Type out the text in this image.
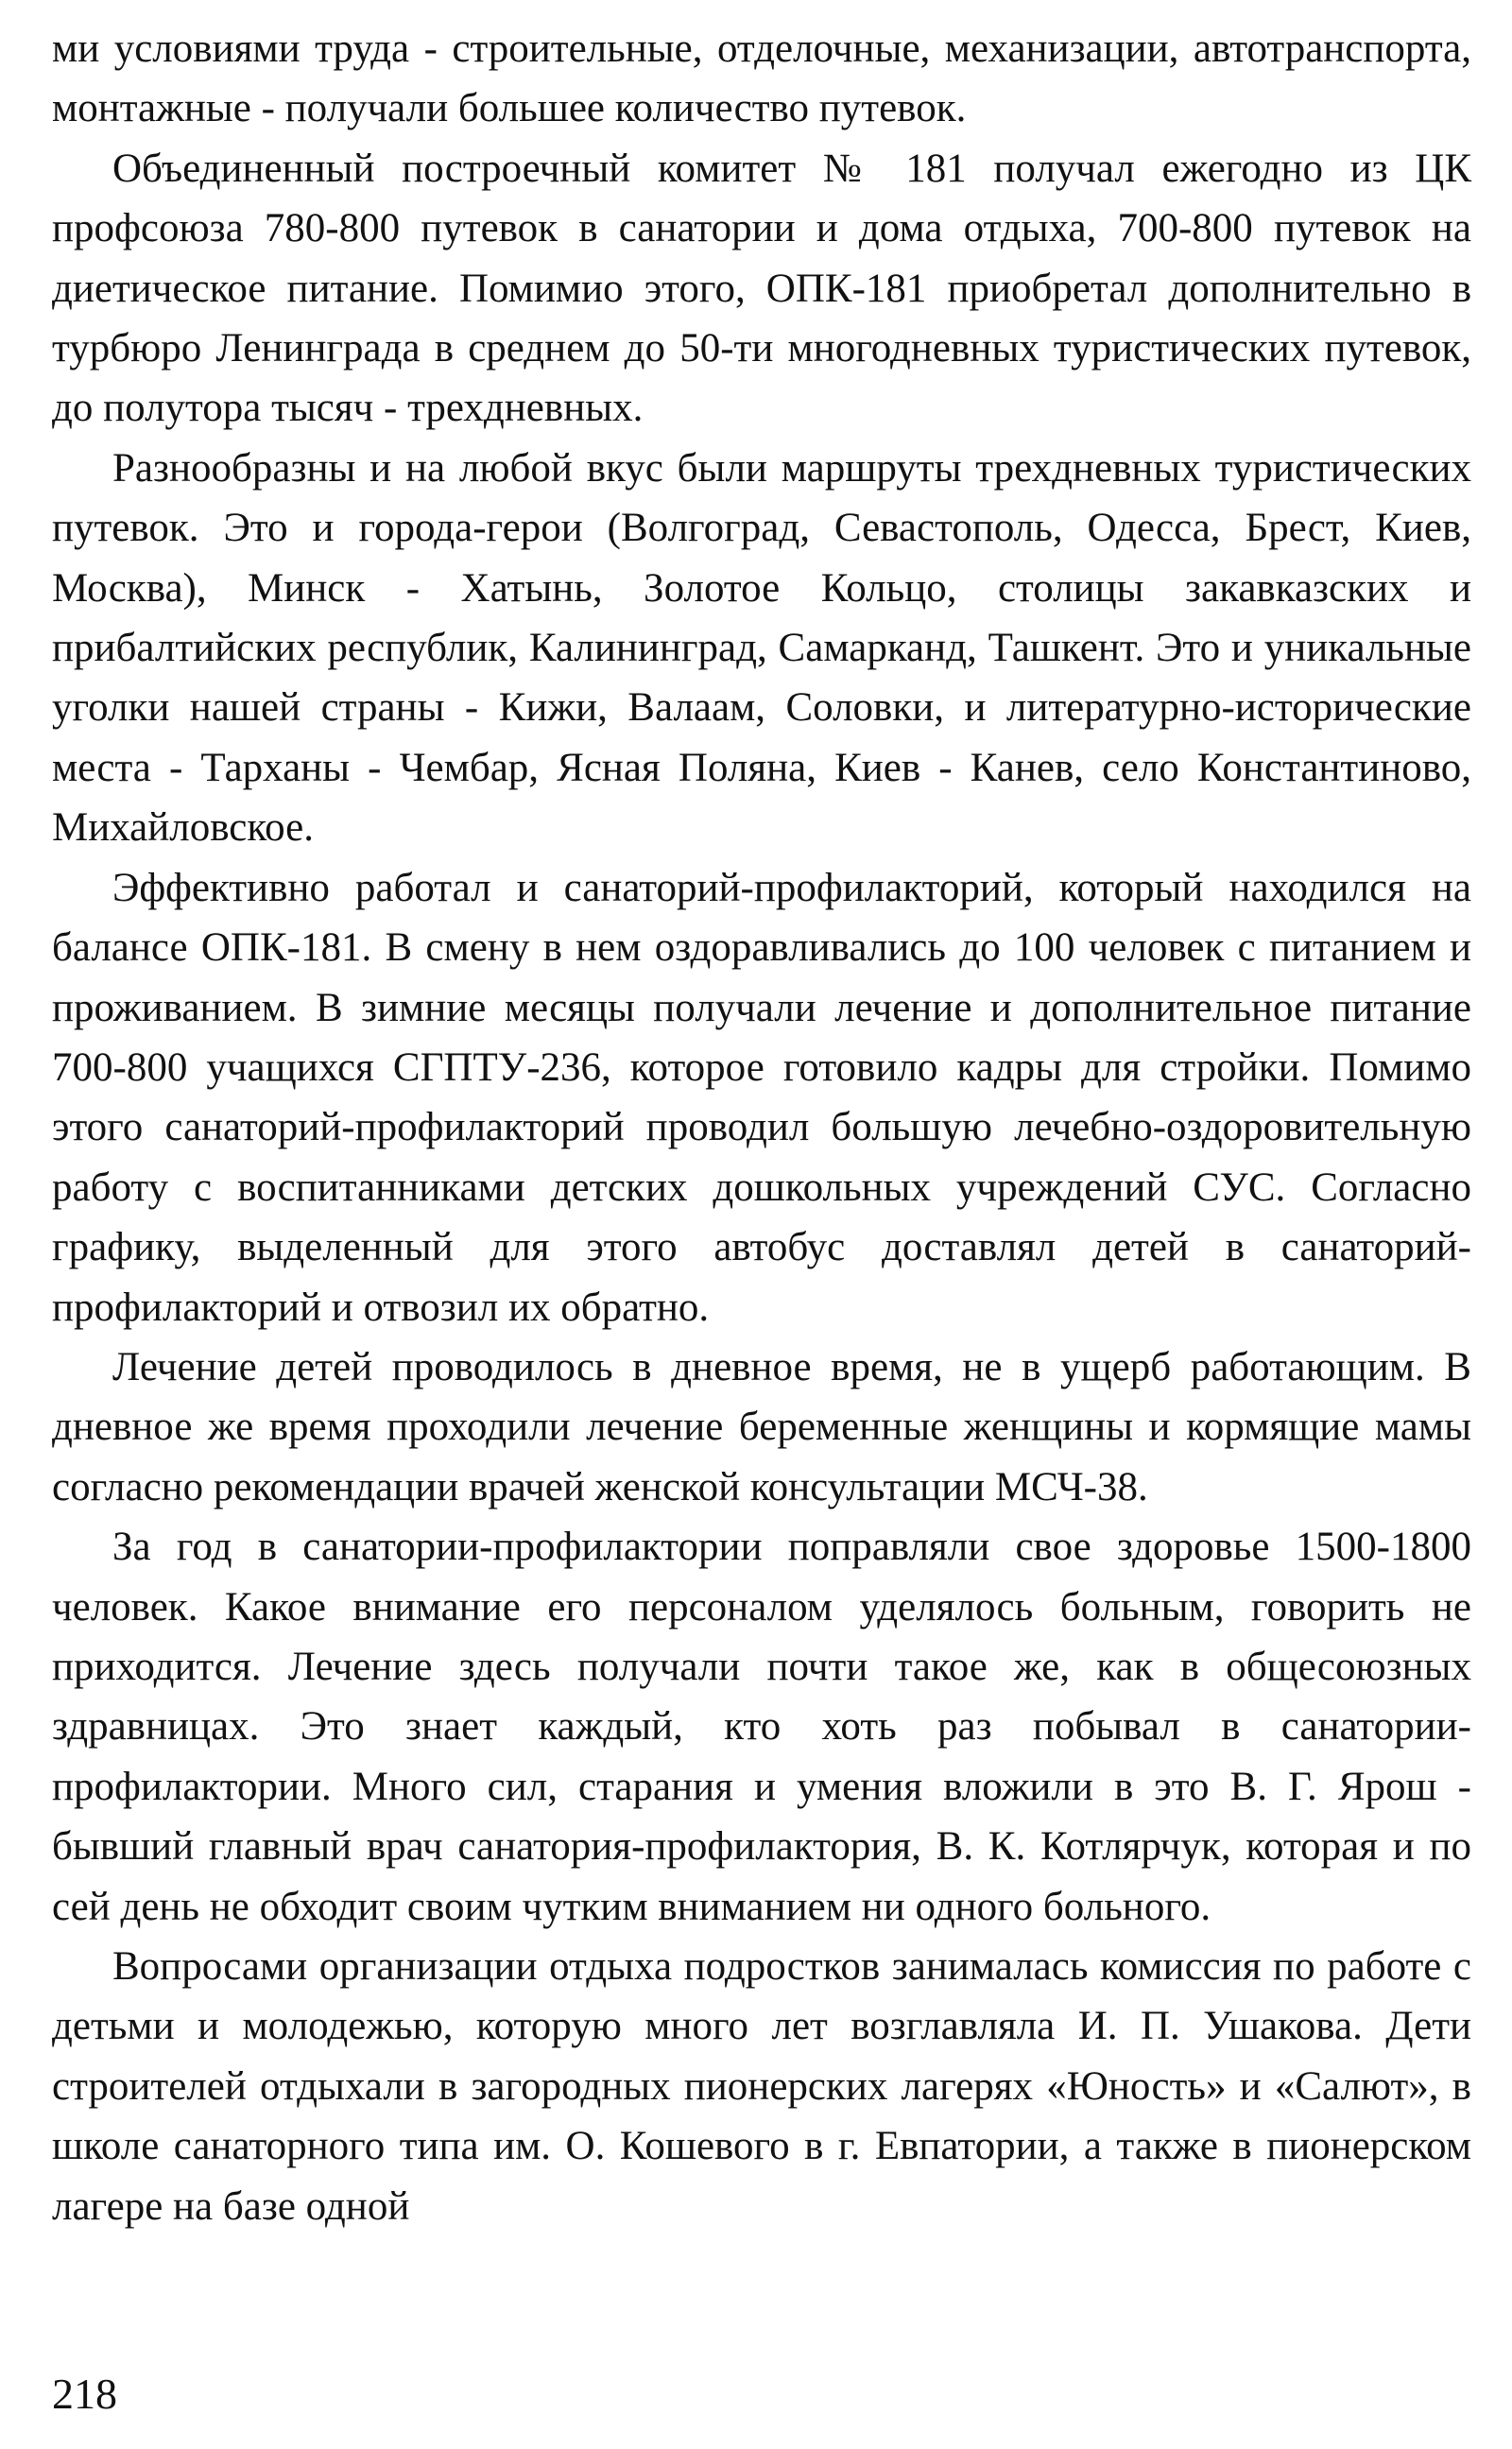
ми условиями труда - строительные, отделочные, механизации, автотранспорта, монтажные - получали большее количество путевок.

Объединенный построечный комитет № 181 получал ежегодно из ЦК профсоюза 780-800 путевок в санатории и дома отдыха, 700-800 путевок на диетическое питание. Помимио этого, ОПК-181 приобретал дополнительно в турбюро Ленинграда в среднем до 50-ти многодневных туристических путевок, до полутора тысяч - трехдневных.

Разнообразны и на любой вкус были маршруты трехдневных туристических путевок. Это и города-герои (Волгоград, Севастополь, Одесса, Брест, Киев, Москва), Минск - Хатынь, Золотое Кольцо, столицы закавказских и прибалтийских республик, Калининград, Самарканд, Ташкент. Это и уникальные уголки нашей страны - Кижи, Валаам, Соловки, и литературно-исторические места - Тарханы - Чембар, Ясная Поляна, Киев - Канев, село Константиново, Михайловское.

Эффективно работал и санаторий-профилакторий, который находился на балансе ОПК-181. В смену в нем оздоравливались до 100 человек с питанием и проживанием. В зимние месяцы получали лечение и дополнительное питание 700-800 учащихся СГПТУ-236, которое готовило кадры для стройки. Помимо этого санаторий-профилакторий проводил большую лечебно-оздоровительную работу с воспитанниками детских дошкольных учреждений СУС. Согласно графику, выделенный для этого автобус доставлял детей в санаторий-профилакторий и отвозил их обратно.

Лечение детей проводилось в дневное время, не в ущерб работающим. В дневное же время проходили лечение беременные женщины и кормящие мамы согласно рекомендации врачей женской консультации МСЧ-38.

За год в санатории-профилактории поправляли свое здоровье 1500-1800 человек. Какое внимание его персоналом уделялось больным, говорить не приходится. Лечение здесь получали почти такое же, как в общесоюзных здравницах. Это знает каждый, кто хоть раз побывал в санатории-профилактории. Много сил, старания и умения вложили в это В. Г. Ярош - бывший главный врач санатория-профилактория, В. К. Котлярчук, которая и по сей день не обходит своим чутким вниманием ни одного больного.

Вопросами организации отдыха подростков занималась комиссия по работе с детьми и молодежью, которую много лет возглавляла И. П. Ушакова. Дети строителей отдыхали в загородных пионерских лагерях «Юность» и «Салют», в школе санаторного типа им. О. Кошевого в г. Евпатории, а также в пионерском лагере на базе одной

218
